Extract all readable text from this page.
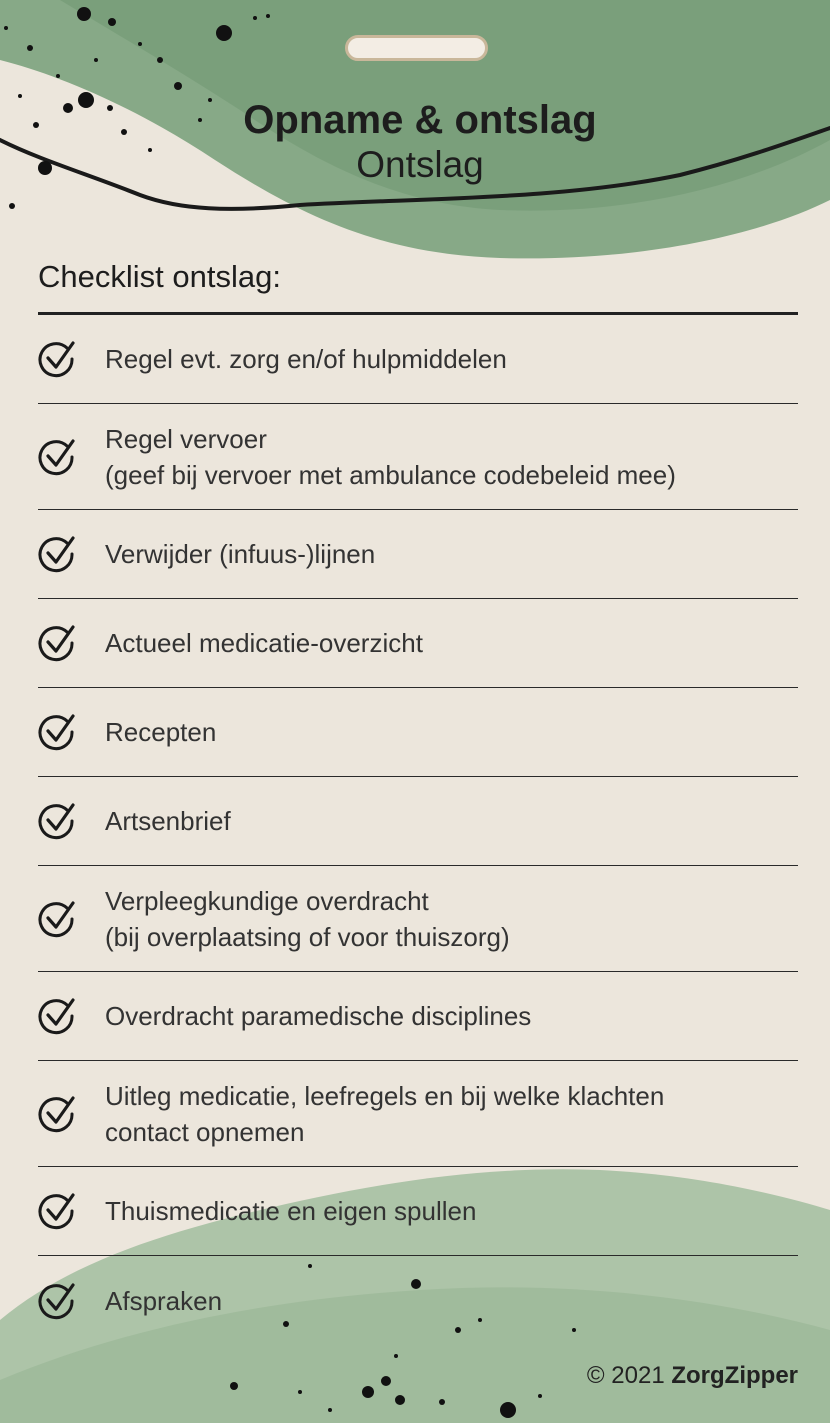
Opname & ontslag
Ontslag
Checklist ontslag:
Regel evt. zorg en/of hulpmiddelen
Regel vervoer
(geef bij vervoer met ambulance codebeleid mee)
Verwijder (infuus-)lijnen
Actueel medicatie-overzicht
Recepten
Artsenbrief
Verpleegkundige overdracht
(bij overplaatsing of voor thuiszorg)
Overdracht paramedische disciplines
Uitleg medicatie, leefregels en bij welke klachten
contact opnemen
Thuismedicatie en eigen spullen
Afspraken
© 2021 ZorgZipper
